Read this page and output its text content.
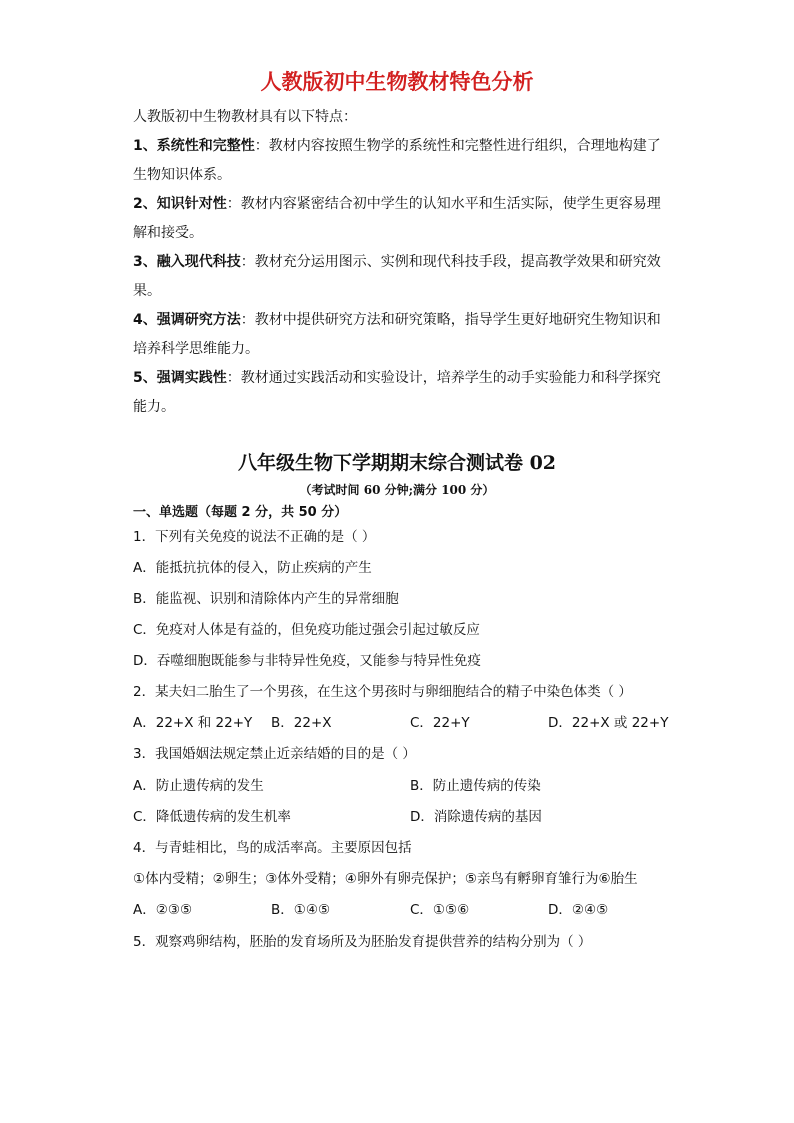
人教版初中生物教材特色分析
人教版初中生物教材具有以下特点：
1、系统性和完整性：教材内容按照生物学的系统性和完整性进行组织，合理地构建了
生物知识体系。
2、知识针对性：教材内容紧密结合初中学生的认知水平和生活实际，使学生更容易理
解和接受。
3、融入现代科技：教材充分运用图示、实例和现代科技手段，提高教学效果和研究效
果。
4、强调研究方法：教材中提供研究方法和研究策略，指导学生更好地研究生物知识和
培养科学思维能力。
5、强调实践性：教材通过实践活动和实验设计，培养学生的动手实验能力和科学探究
能力。
八年级生物下学期期末综合测试卷 02
（考试时间 60 分钟;满分 100 分）
一、单选题（每题 2 分，共 50 分）
1．下列有关免疫的说法不正确的是（ ）
A．能抵抗抗体的侵入，防止疾病的产生
B．能监视、识别和清除体内产生的异常细胞
C．免疫对人体是有益的，但免疫功能过强会引起过敏反应
D．吞噬细胞既能参与非特异性免疫，又能参与特异性免疫
2．某夫妇二胎生了一个男孩，在生这个男孩时与卵细胞结合的精子中染色体类（ ）
A．22+X 和 22+Y B．22+X	C．22+Y	D．22+X 或 22+Y
3．我国婚姻法规定禁止近亲结婚的目的是（ ）
A．防止遗传病的发生	B．防止遗传病的传染
C．降低遗传病的发生机率	D．消除遗传病的基因
4．与青蛙相比，鸟的成活率高。主要原因包括
①体内受精；②卵生；③体外受精；④卵外有卵壳保护；⑤亲鸟有孵卵育雏行为⑥胎生
A．②③⑤	B．①④⑤	C．①⑤⑥	D．②④⑤
5．观察鸡卵结构，胚胎的发育场所及为胚胎发育提供营养的结构分别为（ ）
